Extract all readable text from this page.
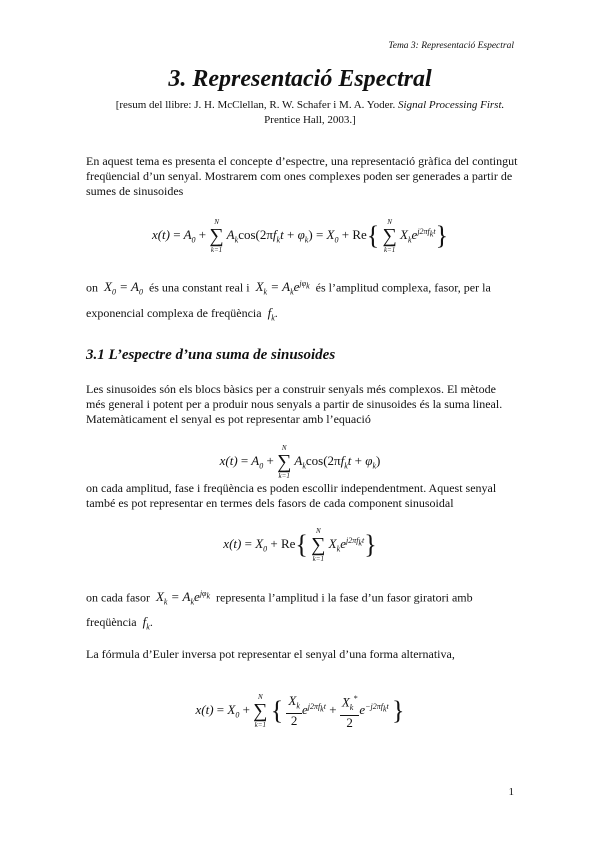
Tema 3: Representació Espectral
3. Representació Espectral
[resum del llibre: J. H. McClellan, R. W. Schafer i M. A. Yoder. Signal Processing First.
Prentice Hall, 2003.]
En aquest tema es presenta el concepte d’espectre, una representació gràfica del contingut freqüencial d’un senyal. Mostrarem com ones complexes poden ser generades a partir de sumes de sinusoides
$x(t) = A_0$ +
N
∑
k=1
$A_k\cos(2\pi f_kt + \varphi_k) = X_0 + Re${	N
∑
k=1
$X_ke^{j2\pi f_kt}$}
on $X_0 = A_0$ és una constant real i $X_k = A_ke^{j\varphi_k}$ és l’amplitud complexa, fasor, per la
exponencial complexa de freqüència $f_k$.
3.1 L’espectre d’una suma de sinusoides
Les sinusoides són els blocs bàsics per a construir senyals més complexos. El mètode més general i potent per a produir nous senyals a partir de sinusoides és la suma lineal. Matemàticament el senyal es pot representar amb l’equació
$x(t) = A_0$ +
N
∑
k=1
$A_k\cos(2\pi f_kt + \varphi_k)$
on cada amplitud, fase i freqüència es poden escollir independentment. Aquest senyal també es pot representar en termes dels fasors de cada component sinusoidal
$x(t) = X_0 + Re${	N
∑
k=1
$X_ke^{j2\pi f_kt}$}
on cada fasor $X_k = A_ke^{j\varphi_k}$ representa l’amplitud i la fase d’un fasor giratori amb
freqüència $f_k$.
La fórmula d’Euler inversa pot representar el senyal d’una forma alternativa,
$x(t) = X_0$ +
N
∑
k=1 { $\frac{X_k}{2} e^{j2\pi f_kt} + \frac{X_k^*}{2} e^{-j2\pi f_kt}$ }
1
